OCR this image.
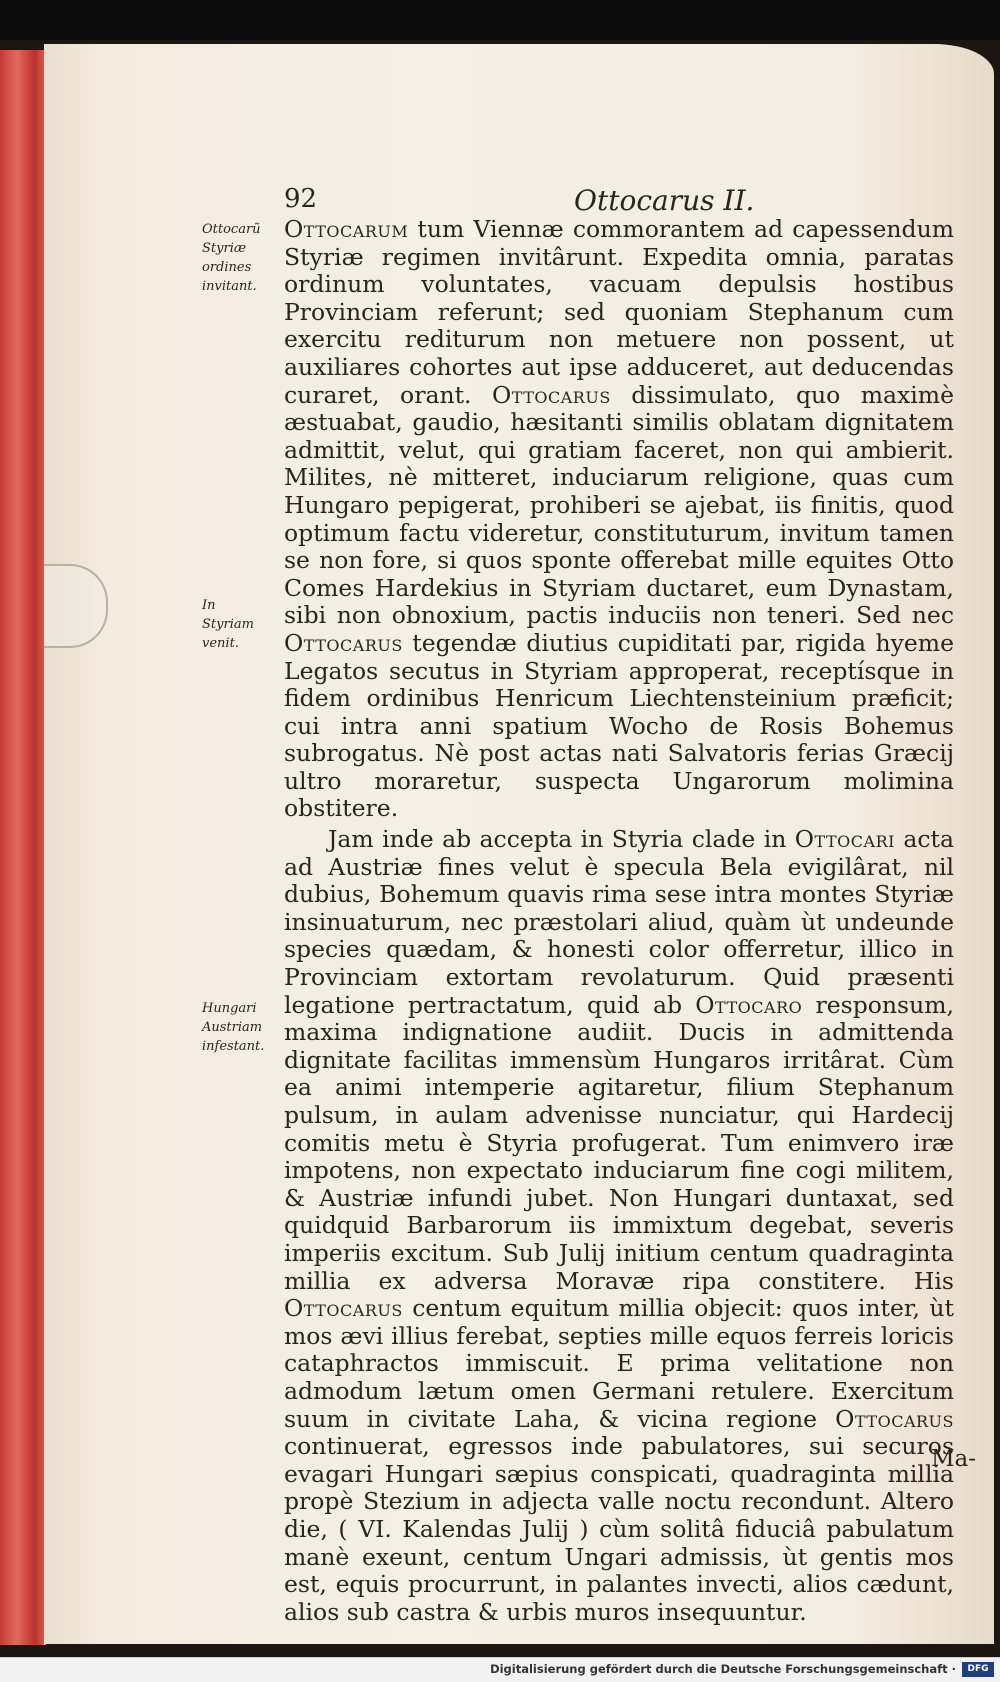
92	Ottocarus II.
Ottocarũ Styriæ ordines invitant.
In Styriam venit.
Hungari Austriam infestant.

Ottocarum tum Viennæ commorantem ad capessendum Styriæ regimen invitârunt. Expedita omnia, paratas ordinum voluntates, vacuam depulsis hostibus Provinciam referunt; sed quoniam Stephanum cum exercitu rediturum non metuere non possent, ut auxiliares cohortes aut ipse adduceret, aut deducendas curaret, orant. Ottocarus dissimulato, quo maximè æstuabat, gaudio, hæsitanti similis oblatam dignitatem admittit, velut, qui gratiam faceret, non qui ambierit. Milites, nè mitteret, induciarum religione, quas cum Hungaro pepigerat, prohiberi se ajebat, iis finitis, quod optimum factu videretur, constituturum, invitum tamen se non fore, si quos sponte offerebat mille equites Otto Comes Hardekius in Styriam ductaret, eum Dynastam, sibi non obnoxium, pactis induciis non teneri. Sed nec Ottocarus tegendæ diutius cupiditati par, rigida hyeme Legatos secutus in Styriam approperat, receptísque in fidem ordinibus Henricum Liechtensteinium præficit; cui intra anni spatium Wocho de Rosis Bohemus subrogatus. Nè post actas nati Salvatoris ferias Græcij ultro moraretur, suspecta Ungarorum molimina obstitere.

Jam inde ab accepta in Styria clade in Ottocari acta ad Austriæ fines velut è specula Bela evigilârat, nil dubius, Bohemum quavis rima sese intra montes Styriæ insinuaturum, nec præstolari aliud, quàm ùt undeunde species quædam, & honesti color offerretur, illico in Provinciam extortam revolaturum. Quid præsenti legatione pertractatum, quid ab Ottocaro responsum, maxima indignatione audiit. Ducis in admittenda dignitate facilitas immensùm Hungaros irritârat. Cùm ea animi intemperie agitaretur, filium Stephanum pulsum, in aulam advenisse nunciatur, qui Hardecij comitis metu è Styria profugerat. Tum enimvero iræ impotens, non expectato induciarum fine cogi militem, & Austriæ infundi jubet. Non Hungari duntaxat, sed quidquid Barbarorum iis immixtum degebat, severis imperiis excitum. Sub Julij initium centum quadraginta millia ex adversa Moravæ ripa constitere. His Ottocarus centum equitum millia objecit: quos inter, ùt mos ævi illius ferebat, septies mille equos ferreis loricis cataphractos immiscuit. E prima velitatione non admodum lætum omen Germani retulere. Exercitum suum in civitate Laha, & vicina regione Ottocarus continuerat, egressos inde pabulatores, sui securos evagari Hungari sæpius conspicati, quadraginta millia propè Stezium in adjecta valle noctu recondunt. Altero die, ( VI. Kalendas Julij ) cùm solitâ fiduciâ pabulatum manè exeunt, centum Ungari admissis, ùt gentis mos est, equis procurrunt, in palantes invecti, alios cædunt, alios sub castra & urbis muros insequuntur.

Ma-
Digitalisierung gefördert durch die Deutsche Forschungsgemeinschaft ·	DFG
